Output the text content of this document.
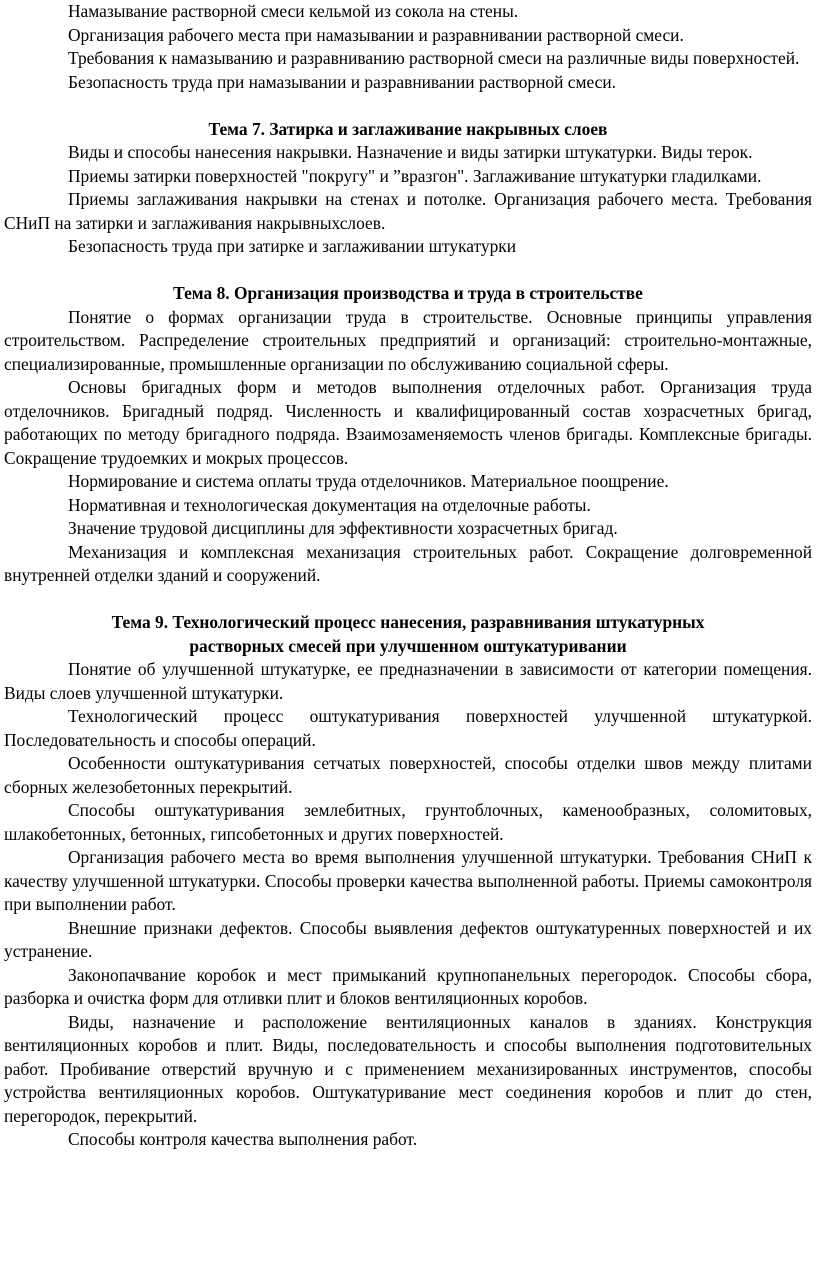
Намазывание растворной смеси кельмой из сокола на стены.

Организация рабочего места при намазывании и разравнивании растворной смеси.

Требования к намазыванию и разравниванию растворной смеси на различные виды поверхностей.

Безопасность труда при намазывании и разравнивании растворной смеси.

Тема 7. Затирка и заглаживание накрывных слоев

Виды и способы нанесения накрывки. Назначение и виды затирки штукатурки. Виды терок.

Приемы затирки поверхностей "покругу" и ”вразгон". Заглаживание штукатурки гладилками.

Приемы заглаживания накрывки на стенах и потолке. Организация рабочего места. Требования СНиП на затирки и заглаживания накрывныхслоев.

Безопасность труда при затирке и заглаживании штукатурки

Тема 8. Организация производства и труда в строительстве

Понятие о формах организации труда в строительстве. Основные принципы управления строительством. Распределение строительных предприятий и организаций: строительно-монтажные, специализированные, промышленные организации по обслуживанию социальной сферы.

Основы бригадных форм и методов выполнения отделочных работ. Организация труда отделочников. Бригадный подряд. Численность и квалифицированный состав хозрасчетных бригад, работающих по методу бригадного подряда. Взаимозаменяемость членов бригады. Комплексные бригады. Сокращение трудоемких и мокрых процессов.

Нормирование и система оплаты труда отделочников. Материальное поощрение.

Нормативная и технологическая документация на отделочные работы.

Значение трудовой дисциплины для эффективности хозрасчетных бригад.

Механизация и комплексная механизация строительных работ. Сокращение долговременной внутренней отделки зданий и сооружений.

Тема 9. Технологический процесс нанесения, разравнивания штукатурных

растворных смесей при улучшенном оштукатуривании

Понятие об улучшенной штукатурке, ее предназначении в зависимости от категории помещения. Виды слоев улучшенной штукатурки.

Технологический процесс оштукатуривания поверхностей улучшенной штукатуркой. Последовательность и способы операций.

Особенности оштукатуривания сетчатых поверхностей, способы отделки швов между плитами сборных железобетонных перекрытий.

Способы оштукатуривания землебитных, грунтоблочных, каменообразных, соломитовых, шлакобетонных, бетонных, гипсобетонных и других поверхностей.

Организация рабочего места во время выполнения улучшенной штукатурки. Требования СНиП к качеству улучшенной штукатурки. Способы проверки качества выполненной работы. Приемы самоконтроля при выполнении работ.

Внешние признаки дефектов. Способы выявления дефектов оштукатуренных поверхностей и их устранение.

Законопачвание коробок и мест примыканий крупнопанельных перегородок. Способы сбора, разборка и очистка форм для отливки плит и блоков вентиляционных коробов.

Виды, назначение и расположение вентиляционных каналов в зданиях. Конструкция вентиляционных коробов и плит. Виды, последовательность и способы выполнения подготовительных работ. Пробивание отверстий вручную и с применением механизированных инструментов, способы устройства вентиляционных коробов. Оштукатуривание мест соединения коробов и плит до стен, перегородок, перекрытий.

Способы контроля качества выполнения работ.
